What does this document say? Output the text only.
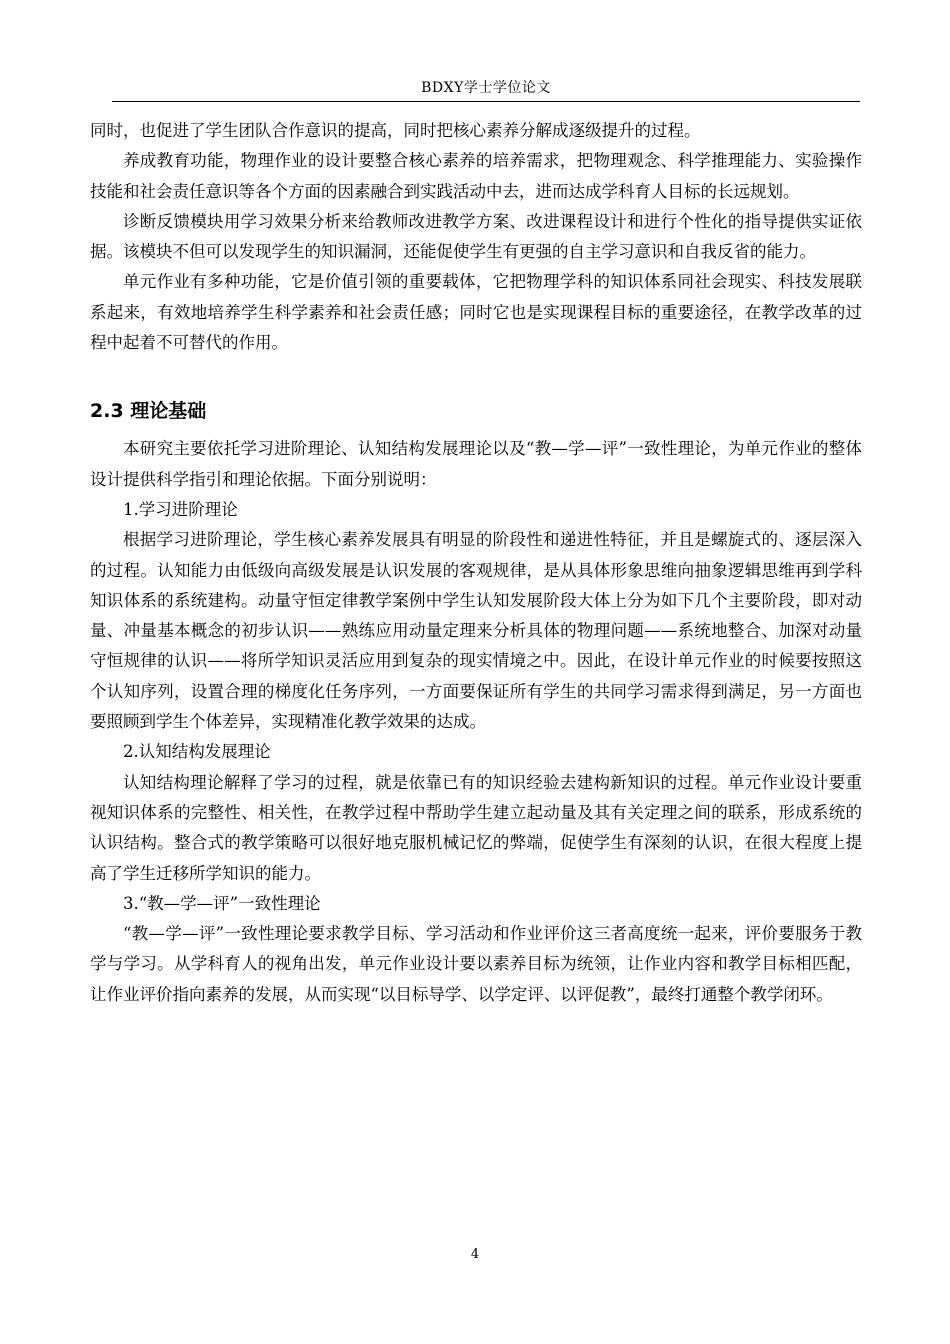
BDXY学士学位论文

同时，也促进了学生团队合作意识的提高，同时把核心素养分解成逐级提升的过程。

养成教育功能，物理作业的设计要整合核心素养的培养需求，把物理观念、科学推理能力、实验操作技能和社会责任意识等各个方面的因素融合到实践活动中去，进而达成学科育人目标的长远规划。

诊断反馈模块用学习效果分析来给教师改进教学方案、改进课程设计和进行个性化的指导提供实证依据。该模块不但可以发现学生的知识漏洞，还能促使学生有更强的自主学习意识和自我反省的能力。

单元作业有多种功能，它是价值引领的重要载体，它把物理学科的知识体系同社会现实、科技发展联系起来，有效地培养学生科学素养和社会责任感；同时它也是实现课程目标的重要途径，在教学改革的过程中起着不可替代的作用。

2.3 理论基础

本研究主要依托学习进阶理论、认知结构发展理论以及“教—学—评”一致性理论，为单元作业的整体设计提供科学指引和理论依据。下面分别说明：

1.学习进阶理论

根据学习进阶理论，学生核心素养发展具有明显的阶段性和递进性特征，并且是螺旋式的、逐层深入的过程。认知能力由低级向高级发展是认识发展的客观规律，是从具体形象思维向抽象逻辑思维再到学科知识体系的系统建构。动量守恒定律教学案例中学生认知发展阶段大体上分为如下几个主要阶段，即对动量、冲量基本概念的初步认识——熟练应用动量定理来分析具体的物理问题——系统地整合、加深对动量守恒规律的认识——将所学知识灵活应用到复杂的现实情境之中。因此，在设计单元作业的时候要按照这个认知序列，设置合理的梯度化任务序列，一方面要保证所有学生的共同学习需求得到满足，另一方面也要照顾到学生个体差异，实现精准化教学效果的达成。

2.认知结构发展理论

认知结构理论解释了学习的过程，就是依靠已有的知识经验去建构新知识的过程。单元作业设计要重视知识体系的完整性、相关性，在教学过程中帮助学生建立起动量及其有关定理之间的联系，形成系统的认识结构。整合式的教学策略可以很好地克服机械记忆的弊端，促使学生有深刻的认识，在很大程度上提高了学生迁移所学知识的能力。

3.“教—学—评”一致性理论

“教—学—评”一致性理论要求教学目标、学习活动和作业评价这三者高度统一起来，评价要服务于教学与学习。从学科育人的视角出发，单元作业设计要以素养目标为统领，让作业内容和教学目标相匹配，让作业评价指向素养的发展，从而实现“以目标导学、以学定评、以评促教”，最终打通整个教学闭环。

4
